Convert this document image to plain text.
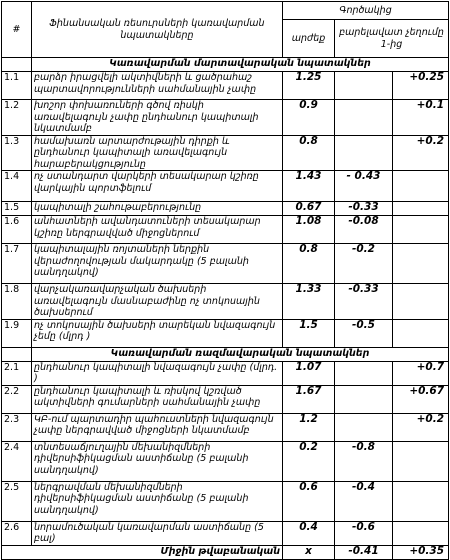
#	Ֆինանսական ռեսուրսների կառավարման նպատակները	Գործակից		
		արժեք	բարելավատ չեղումը 1-ից	
	Կառավարման մարտավարական նպատակներ			
1.1	բարձր իրացվելի ակտիվների և ցածրահաշ պարտավորությունների սահմանային չափը	1.25		+0.25
1.2	խոշոր փոխառուների գծով ռիսկի առավելագույն չափը ընդհանուր կապիտալի նկատմամբ	0.9		+0.1
1.3	համախառն արտարժութային դիրքի և ընդհանուր կապիտալի առավելագույն հարաբերակցությունը	0.8		+0.2
1.4	ոչ ստանդարտ վարկերի տեսակարար կշիռը վարկային պորտֆելում	1.43	- 0.43	
1.5	կապիտալի շահութաբերությունը	0.67	-0.33	
1.6	անհատների ավանդատուների տեսակարար կշիռը ներգրավված միջոցներում	1.08	-0.08	
1.7	կապիտալային ռոյտաների ներքին վերաժողովության մակարդակը (5 բալանի սանդղակով)	0.8	-0.2	
1.8	վարչակառավարչական ծախսերի առավելագույն մասնաբաժինը ոչ տոկոսային ծախսերում	1.33	-0.33	
1.9	ոչ տոկոսային ծախսերի տարեկան նվազագույն չեմը (մլրդ )	1.5	-0.5	
	Կառավարման ռազմավարական նպատակներ			
2.1	ընդհանուր կապիտալի նվազագույն չափը (մլրդ. )	1.07		+0.7
2.2	ընդհանուր կապիտալի և ռիսկով կշռված ակտիվների գումարների սահմանային չափը	1.67		+0.67
2.3	ԿԲ-ում պարտադիր պահուստների նվազագույն չափը ներգրավված միջոցների նկատմամբ	1.2		+0.2
2.4	տնտեսաճյուղային մեխանիզմների դիվերսիֆիկացման աստիճանը (5 բալանի սանդղակով)	0.2	-0.8	
2.5	ներգրավման մեխանիզմների դիվերսիֆիկացման աստիճանը (5 բալանի սանդղակով)	0.6	-0.4	
2.6	նորամուծական կառավարման աստիճանը (5 բալ)	0.4	-0.6	
Միջին թվաբանական		x	-0.41	+0.35
